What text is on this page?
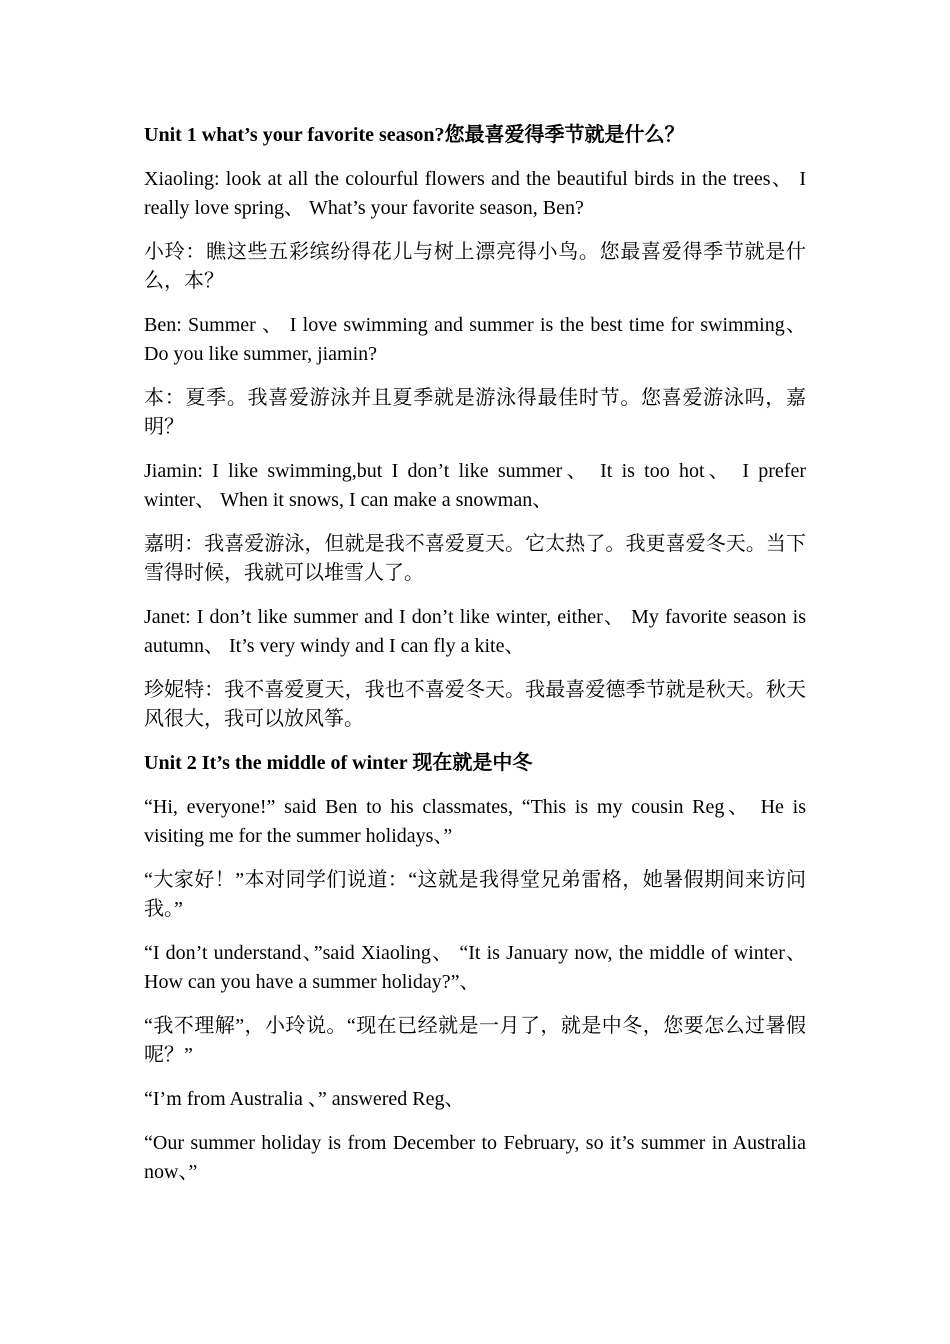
Unit 1 what’s your favorite season?您最喜爱得季节就是什么？
Xiaoling: look at all the colourful flowers and the beautiful birds in the trees、 I really love spring、 What’s your favorite season, Ben?
小玲：瞧这些五彩缤纷得花儿与树上漂亮得小鸟。您最喜爱得季节就是什么，本？
Ben: Summer 、 I love swimming and summer is the best time for swimming、 Do you like summer, jiamin?
本：夏季。我喜爱游泳并且夏季就是游泳得最佳时节。您喜爱游泳吗，嘉明？
Jiamin: I like swimming,but I don’t like summer、 It is too hot、 I prefer winter、 When it snows, I can make a snowman、
嘉明：我喜爱游泳，但就是我不喜爱夏天。它太热了。我更喜爱冬天。当下雪得时候，我就可以堆雪人了。
Janet: I don’t like summer and I don’t like winter, either、 My favorite season is autumn、 It’s very windy and I can fly a kite、
珍妮特：我不喜爱夏天，我也不喜爱冬天。我最喜爱德季节就是秋天。秋天风很大，我可以放风筝。
Unit 2 It’s the middle of winter 现在就是中冬
“Hi, everyone!” said Ben to his classmates, “This is my cousin Reg、 He is visiting me for the summer holidays、”
“大家好！”本对同学们说道：“这就是我得堂兄弟雷格，她暑假期间来访问我。”
“I don’t understand、”said Xiaoling、 “It is January now, the middle of winter、 How can you have a summer holiday?”、
“我不理解”，小玲说。“现在已经就是一月了，就是中冬，您要怎么过暑假呢？”
“I’m from Australia 、” answered Reg、
“Our summer holiday is from December to February, so it’s summer in Australia now、”
